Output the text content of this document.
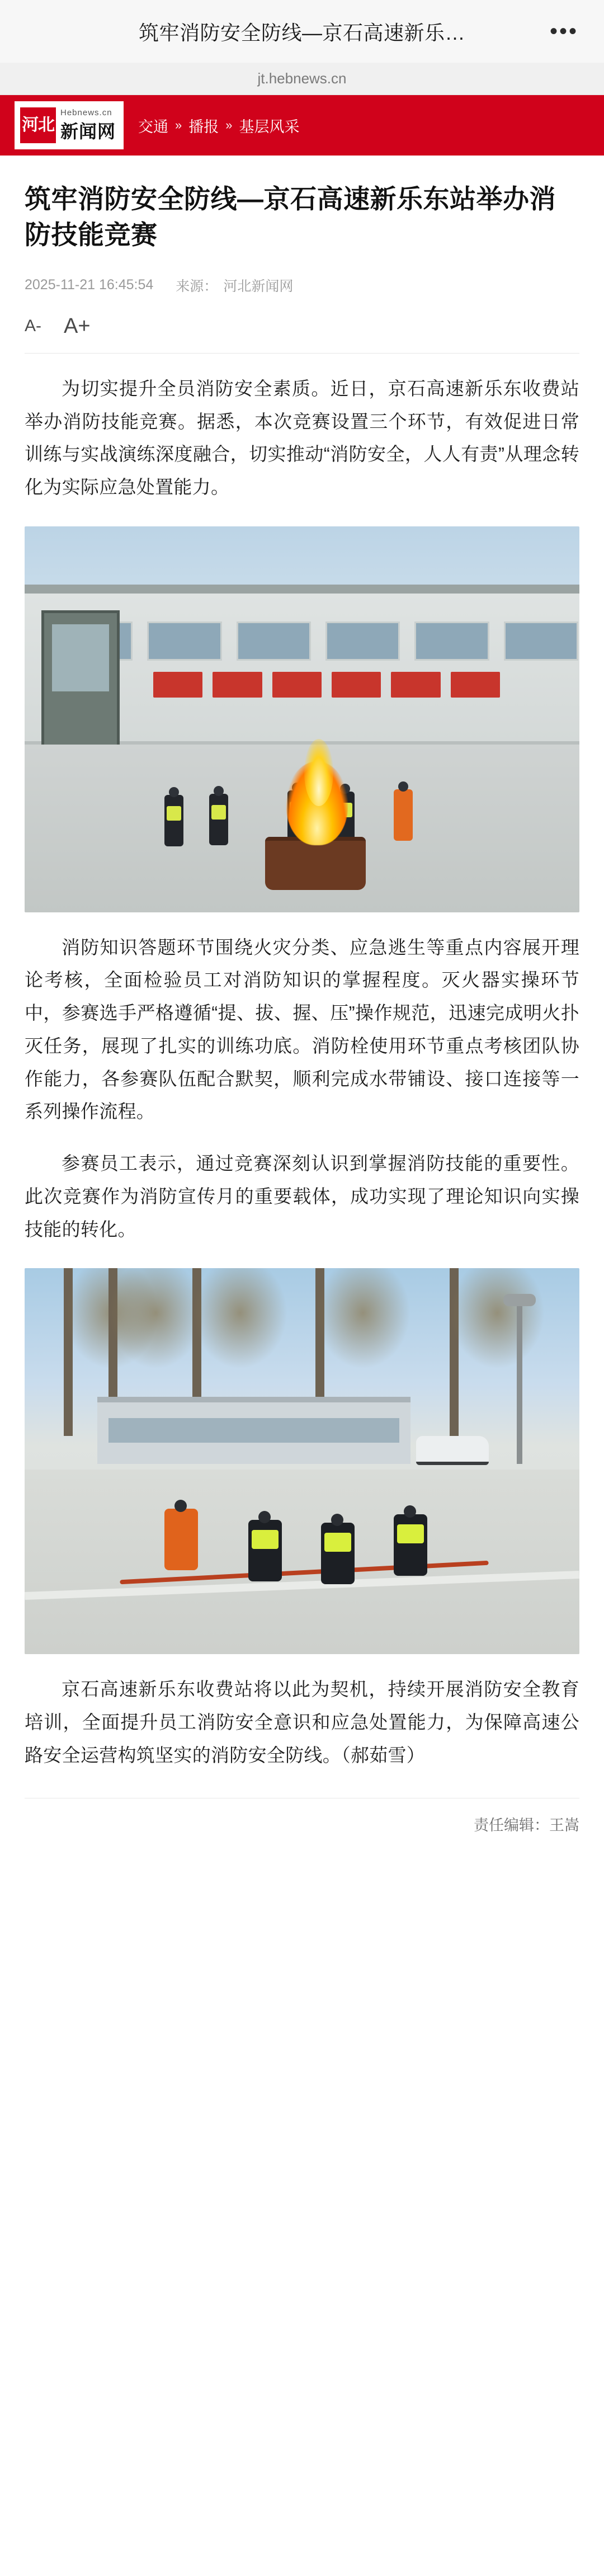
筑牢消防安全防线—京石高速新乐…	•••
jt.hebnews.cn
河北
Hebnews.cn
新闻网 交通 » 播报 » 基层风采
筑牢消防安全防线—京石高速新乐东站举办消防技能竞赛
2025-11-21 16:45:54 来源： 河北新闻网
A- A+

为切实提升全员消防安全素质。近日，京石高速新乐东收费站举办消防技能竞赛。据悉，本次竞赛设置三个环节，有效促进日常训练与实战演练深度融合，切实推动“消防安全，人人有责”从理念转化为实际应急处置能力。

消防知识答题环节围绕火灾分类、应急逃生等重点内容展开理论考核，全面检验员工对消防知识的掌握程度。灭火器实操环节中，参赛选手严格遵循“提、拔、握、压”操作规范，迅速完成明火扑灭任务，展现了扎实的训练功底。消防栓使用环节重点考核团队协作能力，各参赛队伍配合默契，顺利完成水带铺设、接口连接等一系列操作流程。

参赛员工表示，通过竞赛深刻认识到掌握消防技能的重要性。此次竞赛作为消防宣传月的重要载体，成功实现了理论知识向实操技能的转化。

京石高速新乐东收费站将以此为契机，持续开展消防安全教育培训，全面提升员工消防安全意识和应急处置能力，为保障高速公路安全运营构筑坚实的消防安全防线。（郝茹雪）

责任编辑：王嵩
